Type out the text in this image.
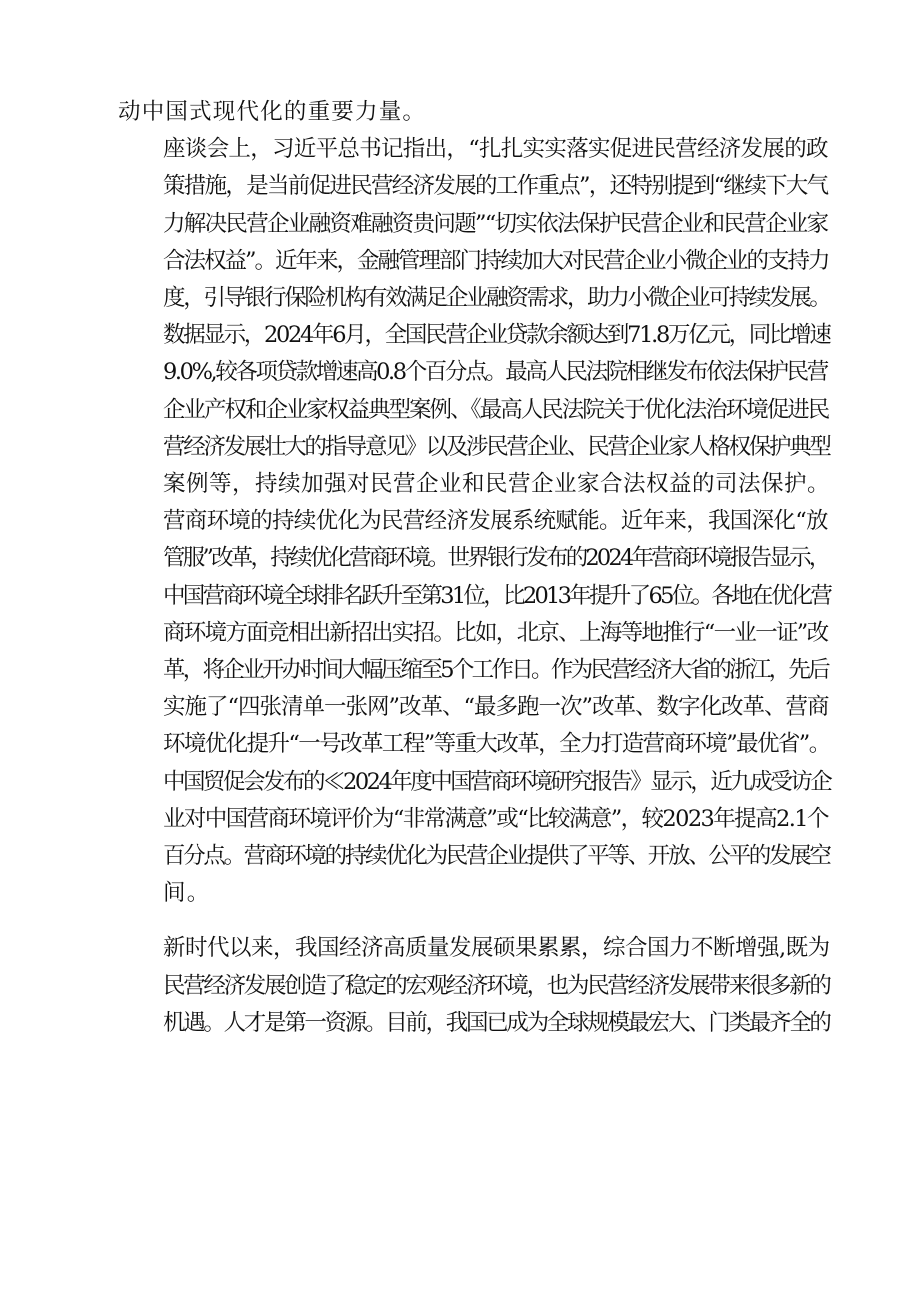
动中国式现代化的重要力量。

座谈会上，习近平总书记指出，“扎扎实实落实促进民营经济发展的政
策措施，是当前促进民营经济发展的工作重点”，还特别提到“继续下大气
力解决民营企业融资难融资贵问题”“切实依法保护民营企业和民营企业家
合法权益”。近年来，金融管理部门持续加大对民营企业小微企业的支持力
度，引导银行保险机构有效满足企业融资需求，助力小微企业可持续发展。
数据显示，2024年6月，全国民营企业贷款余额达到71.8万亿元，同比增速
9.0%,较各项贷款增速高0.8个百分点。最高人民法院相继发布依法保护民营
企业产权和企业家权益典型案例、《最高人民法院关于优化法治环境促进民
营经济发展壮大的指导意见》以及涉民营企业、民营企业家人格权保护典型
案例等，持续加强对民营企业和民营企业家合法权益的司法保护。

营商环境的持续优化为民营经济发展系统赋能。近年来，我国深化“放
管服”改革，持续优化营商环境。世界银行发布的2024年营商环境报告显示，
中国营商环境全球排名跃升至第31位，比2013年提升了65位。各地在优化营
商环境方面竞相出新招出实招。比如，北京、上海等地推行“一业一证”改
革，将企业开办时间大幅压缩至5个工作日。作为民营经济大省的浙江，先后
实施了“四张清单一张网”改革、“最多跑一次”改革、数字化改革、营商
环境优化提升“一号改革工程”等重大改革，全力打造营商环境”最优省”。
中国贸促会发布的≪2024年度中国营商环境研究报告》显示，近九成受访企
业对中国营商环境评价为“非常满意”或“比较满意”，较2023年提高2.1个
百分点。营商环境的持续优化为民营企业提供了平等、开放、公平的发展空
间。

新时代以来，我国经济高质量发展硕果累累，综合国力不断增强,既为
民营经济发展创造了稳定的宏观经济环境，也为民营经济发展带来很多新的
机遇。人才是第一资源。目前，我国已成为全球规模最宏大、门类最齐全的
